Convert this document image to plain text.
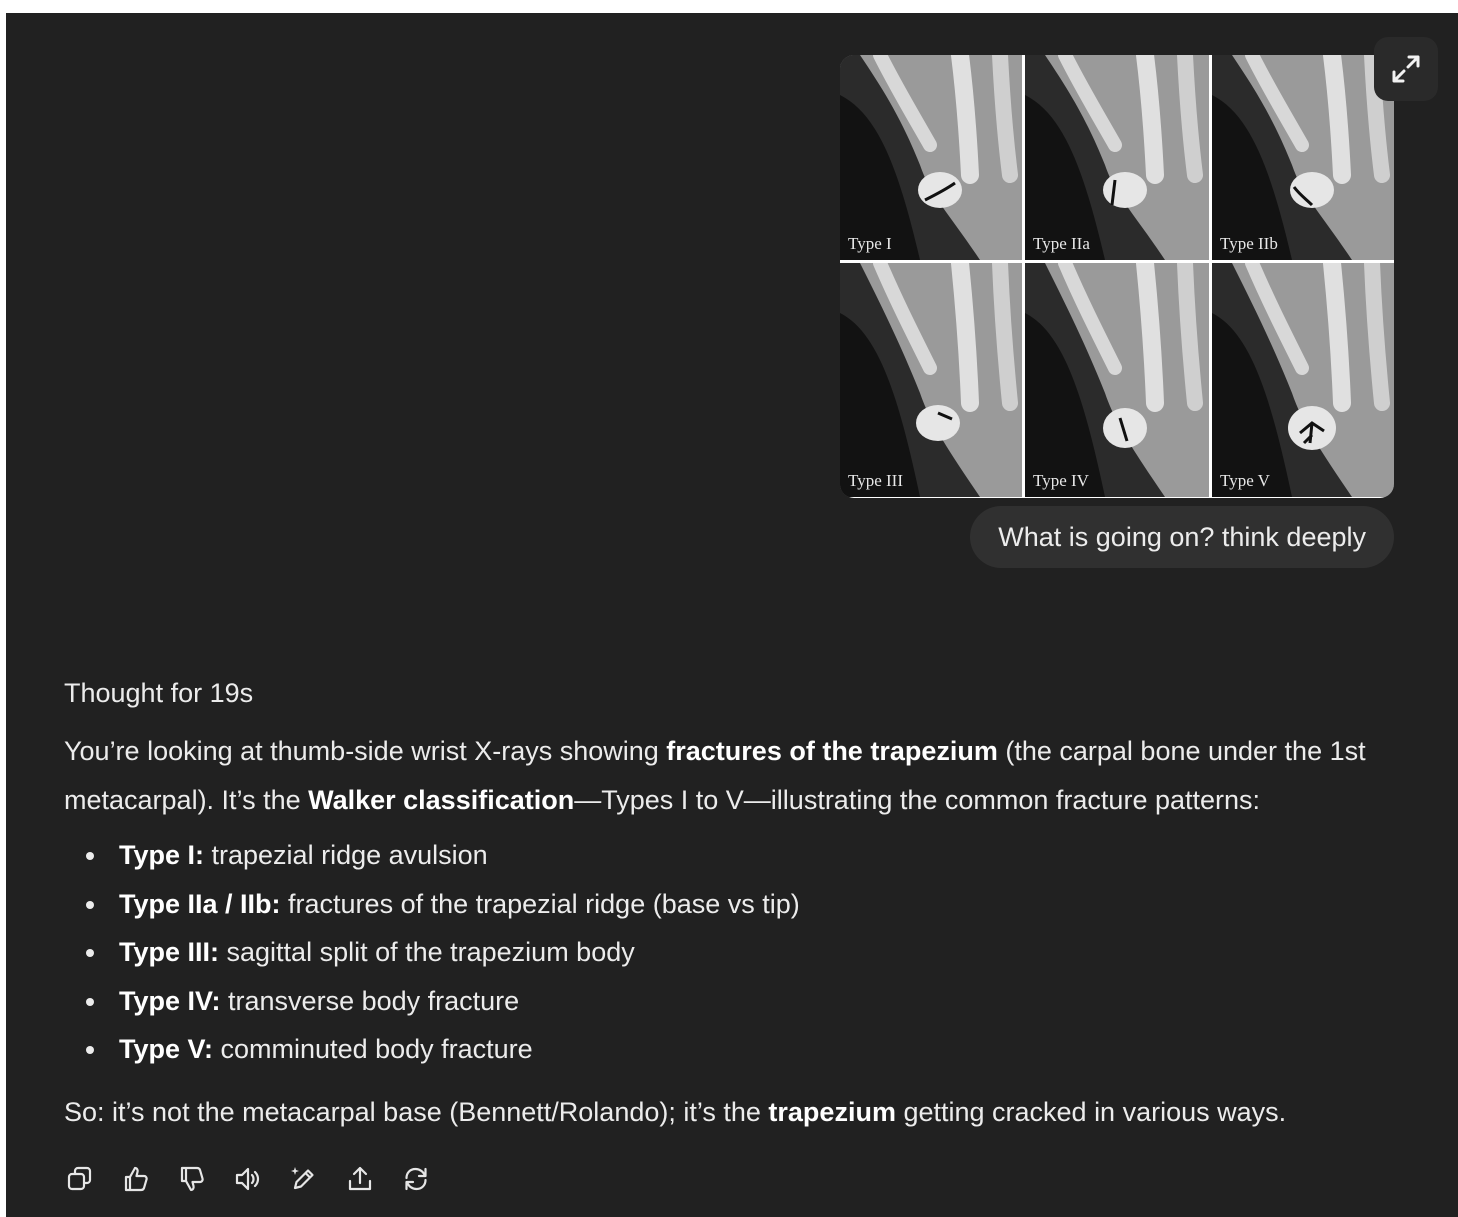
Type I	Type IIa	Type IIb
Type III	Type IV	Type V
What is going on? think deeply
Thought for 19s

You’re looking at thumb-side wrist X-rays showing fractures of the trapezium (the carpal bone under the 1st metacarpal). It’s the Walker classification—Types I to V—illustrating the common fracture patterns:

Type I: trapezial ridge avulsion
Type IIa / IIb: fractures of the trapezial ridge (base vs tip)
Type III: sagittal split of the trapezium body
Type IV: transverse body fracture
Type V: comminuted body fracture

So: it’s not the metacarpal base (Bennett/Rolando); it’s the trapezium getting cracked in various ways.
